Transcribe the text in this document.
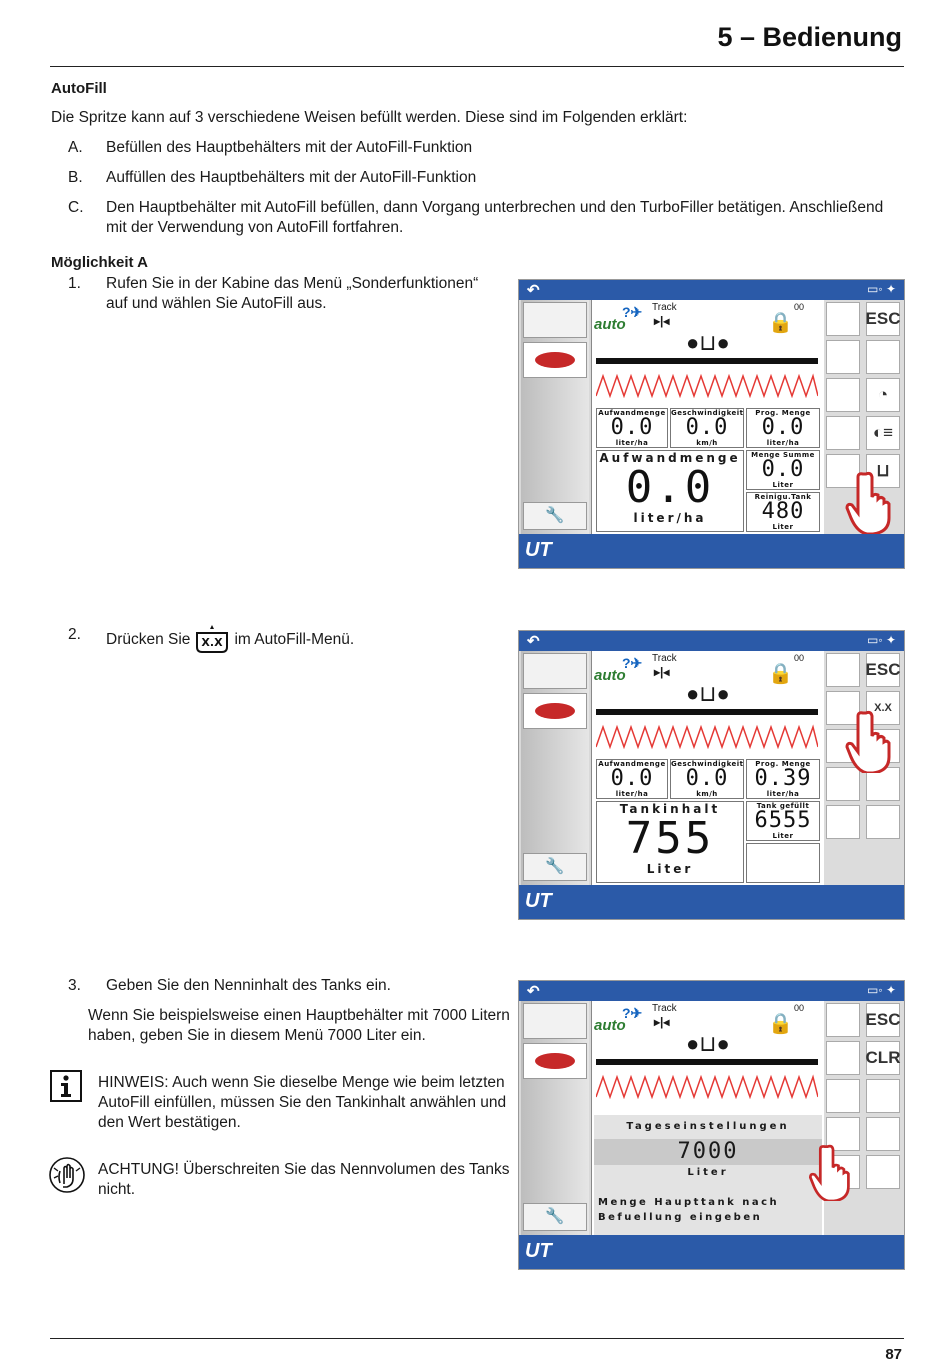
5 – Bedienung
AutoFill
Die Spritze kann auf 3 verschiedene Weisen befüllt werden. Diese sind im Folgenden erklärt:
A. Befüllen des Hauptbehälters mit der AutoFill-Funktion
B. Auffüllen des Hauptbehälters mit der AutoFill-Funktion
C. Den Hauptbehälter mit AutoFill befüllen, dann Vorgang unterbrechen und den TurboFiller betätigen. Anschließend mit der Verwendung von AutoFill fortfahren.
Möglichkeit A
1. Rufen Sie in der Kabine das Menü „Sonderfunktionen“ auf und wählen Sie AutoFill aus.
2. Drücken Sie X.X im AutoFill-Menü.
3. Geben Sie den Nenninhalt des Tanks ein.
Wenn Sie beispielsweise einen Hauptbehälter mit 7000 Litern haben, geben Sie in diesem Menü 7000 Liter ein.
HINWEIS: Auch wenn Sie dieselbe Menge wie beim letzten AutoFill einfüllen, müssen Sie den Tankinhalt anwählen und den Wert bestätigen.
ACHTUNG! Überschreiten Sie das Nennvolumen des Tanks nicht.
↶	▭◦ ✦
🔧
auto
?✈ Track
▸|◂	🔒
00
●⊔●
Aufwandmenge
0.0
liter/ha
Geschwindigkeit
0.0
km/h
Prog. Menge
0.0
liter/ha
Aufwandmenge
0.0
liter/ha
Menge Summe
0.0
Liter
Reinigu.Tank
480
Liter
ESC
◔
◐≡
⊔
UT
↶	▭◦ ✦
🔧
auto
?✈ Track
▸|◂	🔒
00
●⊔●
Aufwandmenge
0.0
liter/ha
Geschwindigkeit
0.0
km/h
Prog. Menge
0.39
liter/ha
Tankinhalt
755
Liter
Tank gefüllt
6555
Liter
ESC
X.X
UT
↶	▭◦ ✦
🔧
auto
?✈ Track
▸|◂	🔒
00
●⊔●
Tageseinstellungen
7000
Liter
Menge Haupttank nach
Befuellung eingeben
ESC
CLR
UT
87
